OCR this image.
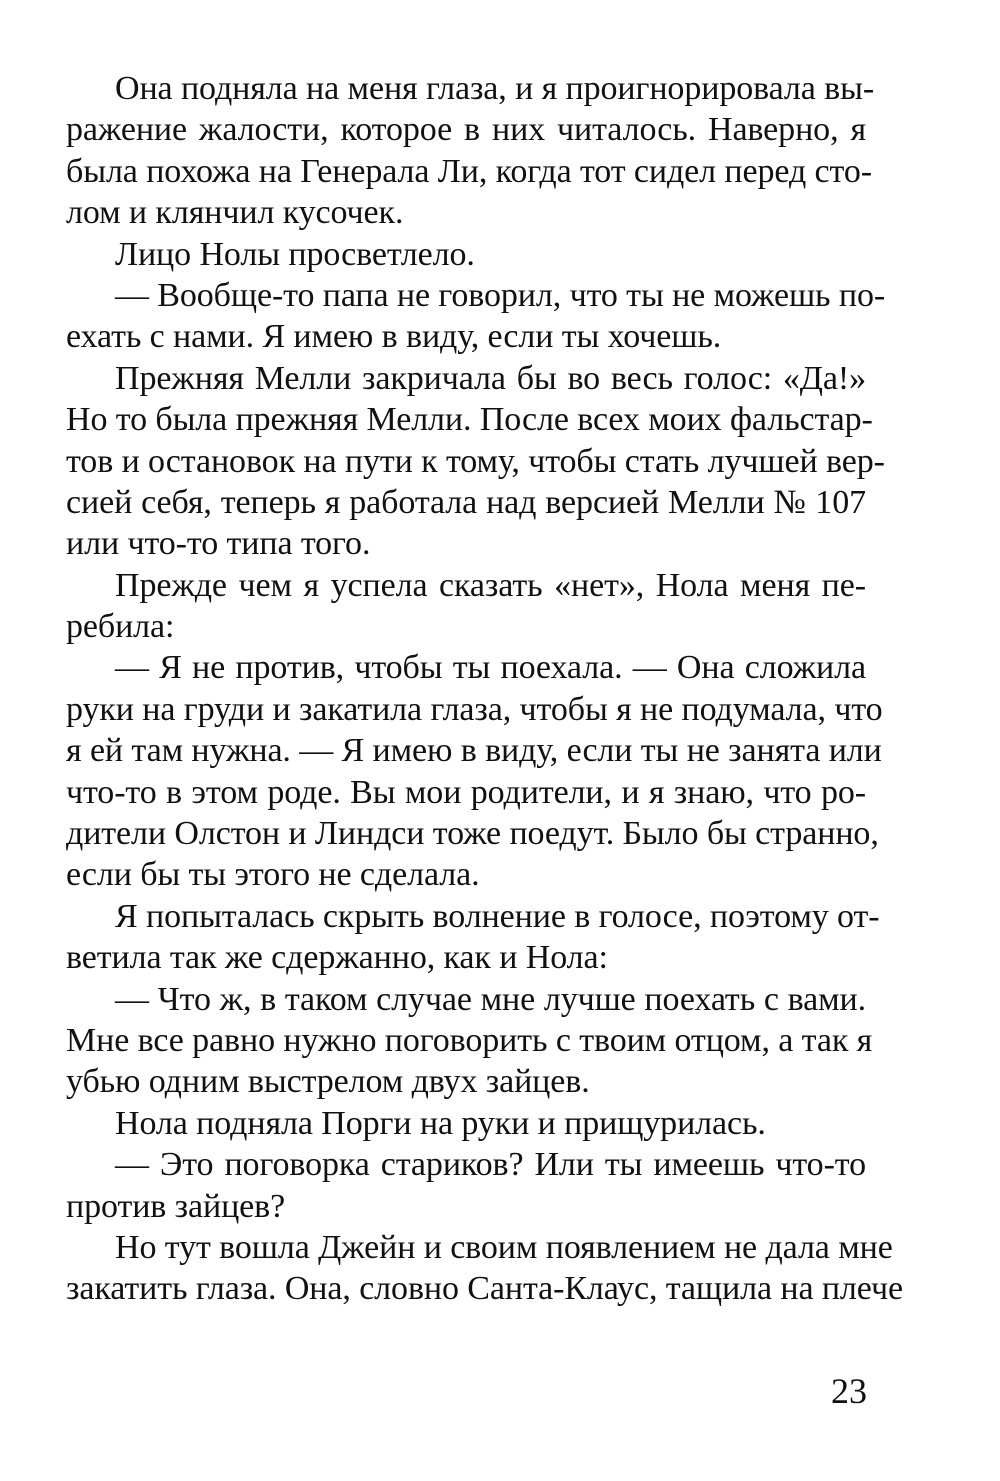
Она подняла на меня глаза, и я проигнорировала вы-
ражение жалости, которое в них читалось. Наверно, я
была похожа на Генерала Ли, когда тот сидел перед сто-
лом и клянчил кусочек.
Лицо Нолы просветлело.
— Вообще-то папа не говорил, что ты не можешь по-
ехать с нами. Я имею в виду, если ты хочешь.
Прежняя Мелли закричала бы во весь голос: «Да!»
Но то была прежняя Мелли. После всех моих фальстар-
тов и остановок на пути к тому, чтобы стать лучшей вер-
сией себя, теперь я работала над версией Мелли № 107
или что-то типа того.
Прежде чем я успела сказать «нет», Нола меня пе-
ребила:
— Я не против, чтобы ты поехала. — Она сложила
руки на груди и закатила глаза, чтобы я не подумала, что
я ей там нужна. — Я имею в виду, если ты не занята или
что-то в этом роде. Вы мои родители, и я знаю, что ро-
дители Олстон и Линдси тоже поедут. Было бы странно,
если бы ты этого не сделала.
Я попыталась скрыть волнение в голосе, поэтому от-
ветила так же сдержанно, как и Нола:
— Что ж, в таком случае мне лучше поехать с вами.
Мне все равно нужно поговорить с твоим отцом, а так я
убью одним выстрелом двух зайцев.
Нола подняла Порги на руки и прищурилась.
— Это поговорка стариков? Или ты имеешь что-то
против зайцев?
Но тут вошла Джейн и своим появлением не дала мне
закатить глаза. Она, словно Санта-Клаус, тащила на плече
23
